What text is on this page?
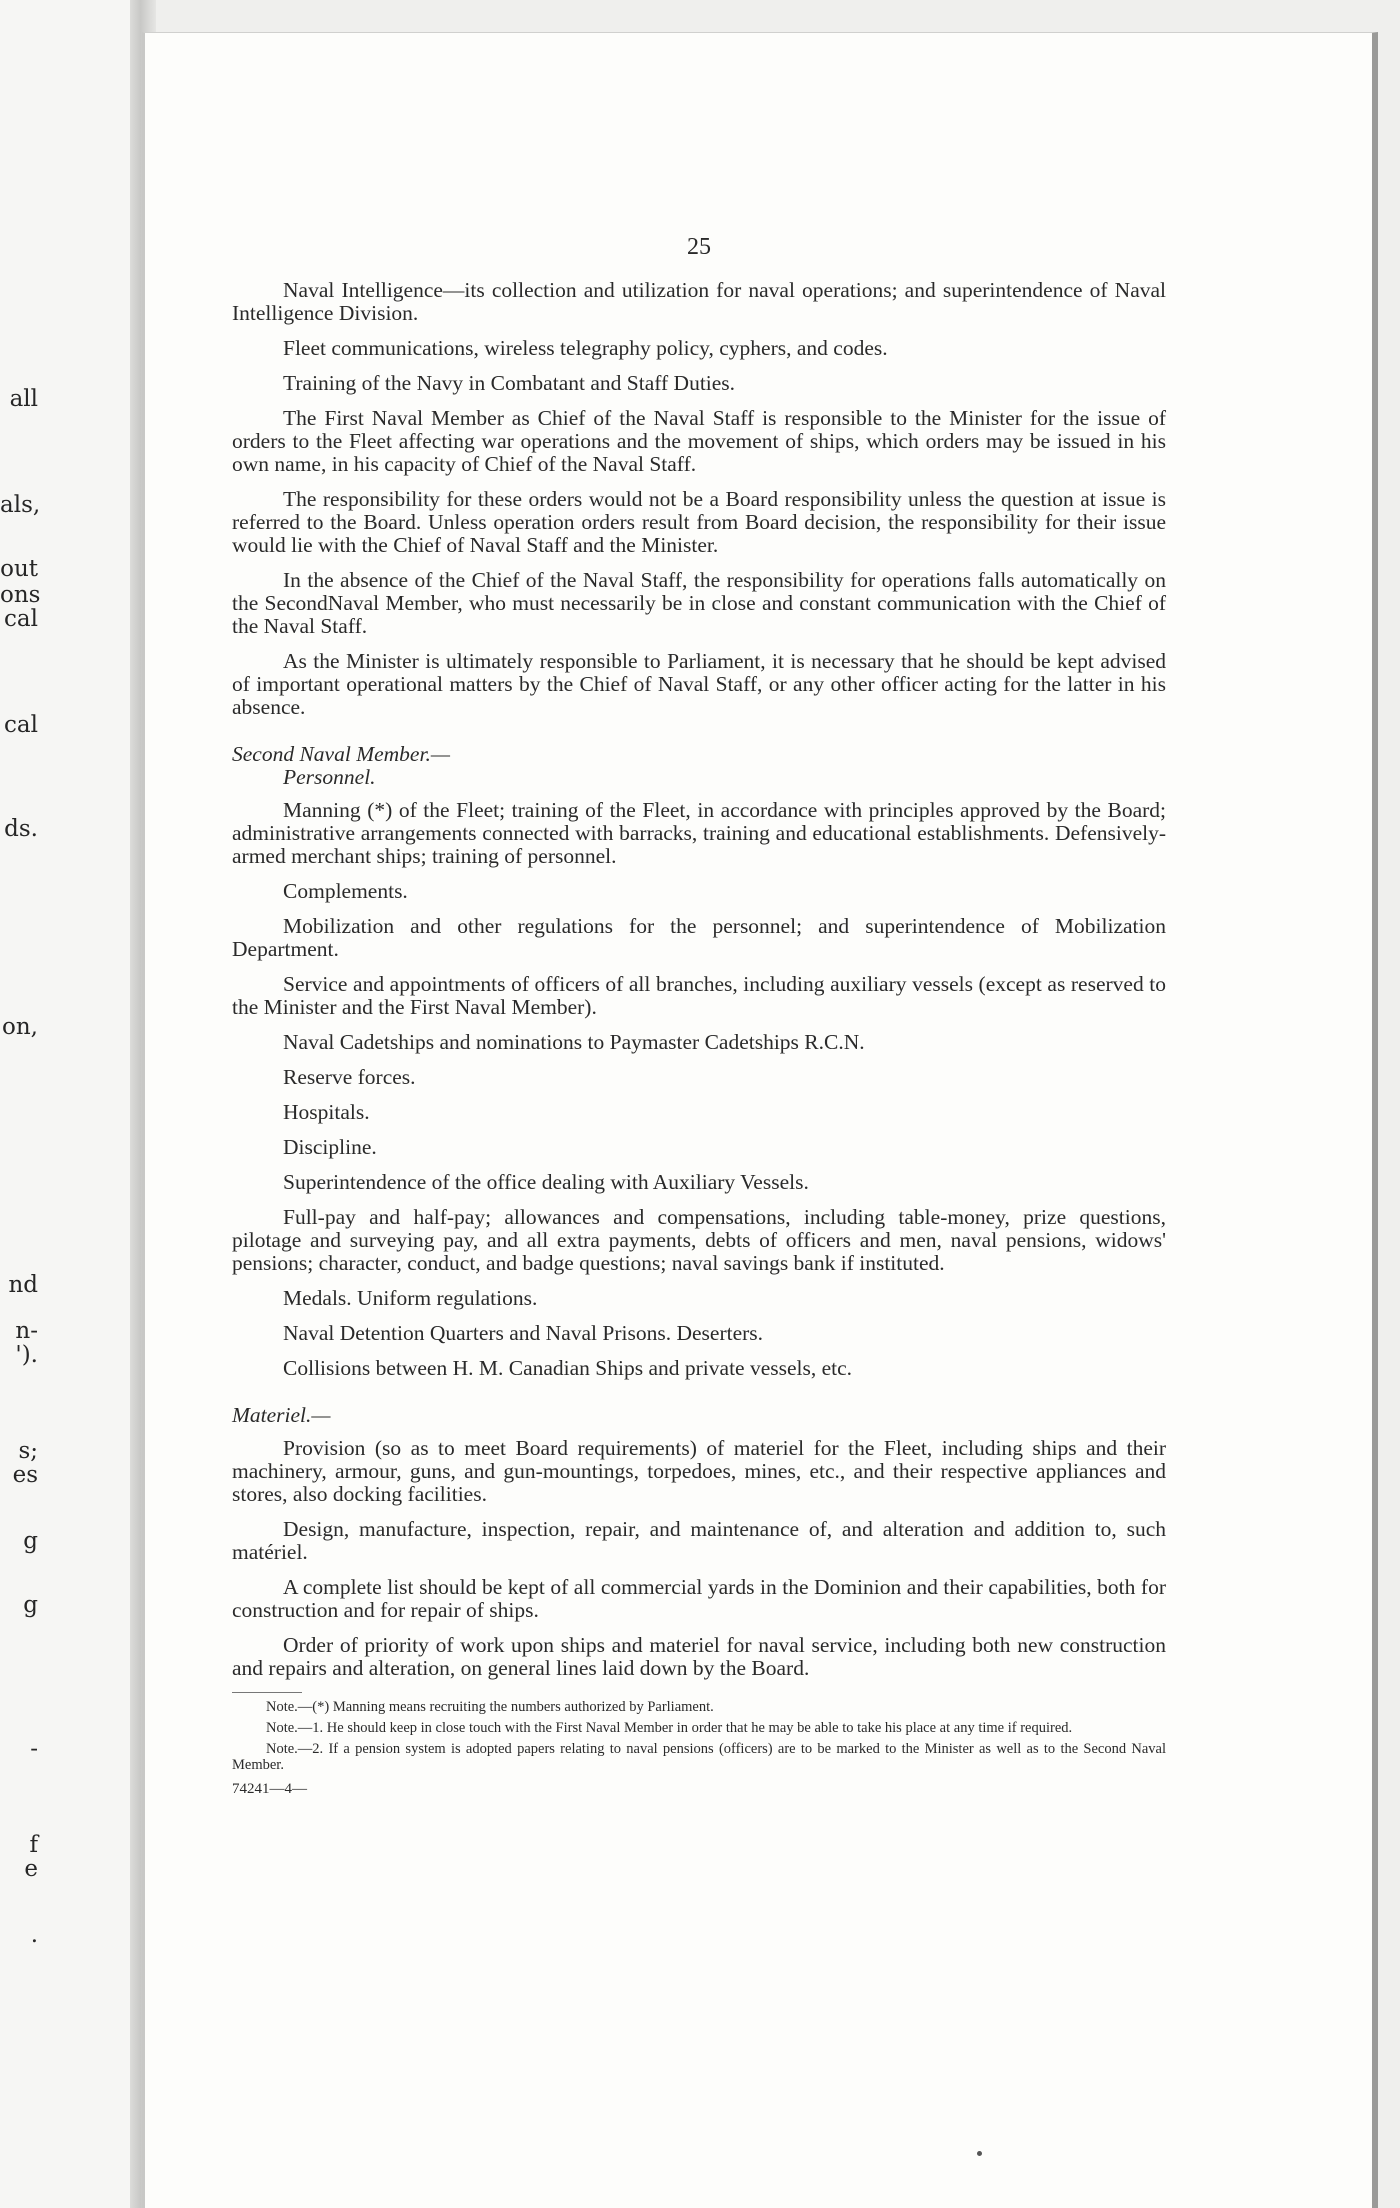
all
als,
out
ons
cal
cal
ds.
on,
nd
n-
').
s;
es
g
g
-
f
e
.
25

Naval Intelligence—its collection and utilization for naval operations; and superintendence of Naval Intelligence Division.

Fleet communications, wireless telegraphy policy, cyphers, and codes.

Training of the Navy in Combatant and Staff Duties.

The First Naval Member as Chief of the Naval Staff is responsible to the Minister for the issue of orders to the Fleet affecting war operations and the movement of ships, which orders may be issued in his own name, in his capacity of Chief of the Naval Staff.

The responsibility for these orders would not be a Board responsibility unless the question at issue is referred to the Board. Unless operation orders result from Board decision, the responsibility for their issue would lie with the Chief of Naval Staff and the Minister.

In the absence of the Chief of the Naval Staff, the responsibility for operations falls automatically on the SecondNaval Member, who must necessarily be in close and constant communication with the Chief of the Naval Staff.

As the Minister is ultimately responsible to Parliament, it is necessary that he should be kept advised of important operational matters by the Chief of Naval Staff, or any other officer acting for the latter in his absence.

Second Naval Member.—

Personnel.

Manning (*) of the Fleet; training of the Fleet, in accordance with principles approved by the Board; administrative arrangements connected with barracks, training and educational establishments. Defensively-armed merchant ships; training of personnel.

Complements.

Mobilization and other regulations for the personnel; and superintendence of Mobilization Department.

Service and appointments of officers of all branches, including auxiliary vessels (except as reserved to the Minister and the First Naval Member).

Naval Cadetships and nominations to Paymaster Cadetships R.C.N.

Reserve forces.

Hospitals.

Discipline.

Superintendence of the office dealing with Auxiliary Vessels.

Full-pay and half-pay; allowances and compensations, including table-money, prize questions, pilotage and surveying pay, and all extra payments, debts of officers and men, naval pensions, widows' pensions; character, conduct, and badge questions; naval savings bank if instituted.

Medals. Uniform regulations.

Naval Detention Quarters and Naval Prisons. Deserters.

Collisions between H. M. Canadian Ships and private vessels, etc.

Materiel.—

Provision (so as to meet Board requirements) of materiel for the Fleet, including ships and their machinery, armour, guns, and gun-mountings, torpedoes, mines, etc., and their respective appliances and stores, also docking facilities.

Design, manufacture, inspection, repair, and maintenance of, and alteration and addition to, such matériel.

A complete list should be kept of all commercial yards in the Dominion and their capabilities, both for construction and for repair of ships.

Order of priority of work upon ships and materiel for naval service, including both new construction and repairs and alteration, on general lines laid down by the Board.

Note.—(*) Manning means recruiting the numbers authorized by Parliament.
Note.—1. He should keep in close touch with the First Naval Member in order that he may be able to take his place at any time if required.
Note.—2. If a pension system is adopted papers relating to naval pensions (officers) are to be marked to the Minister as well as to the Second Naval Member.
74241—4—
